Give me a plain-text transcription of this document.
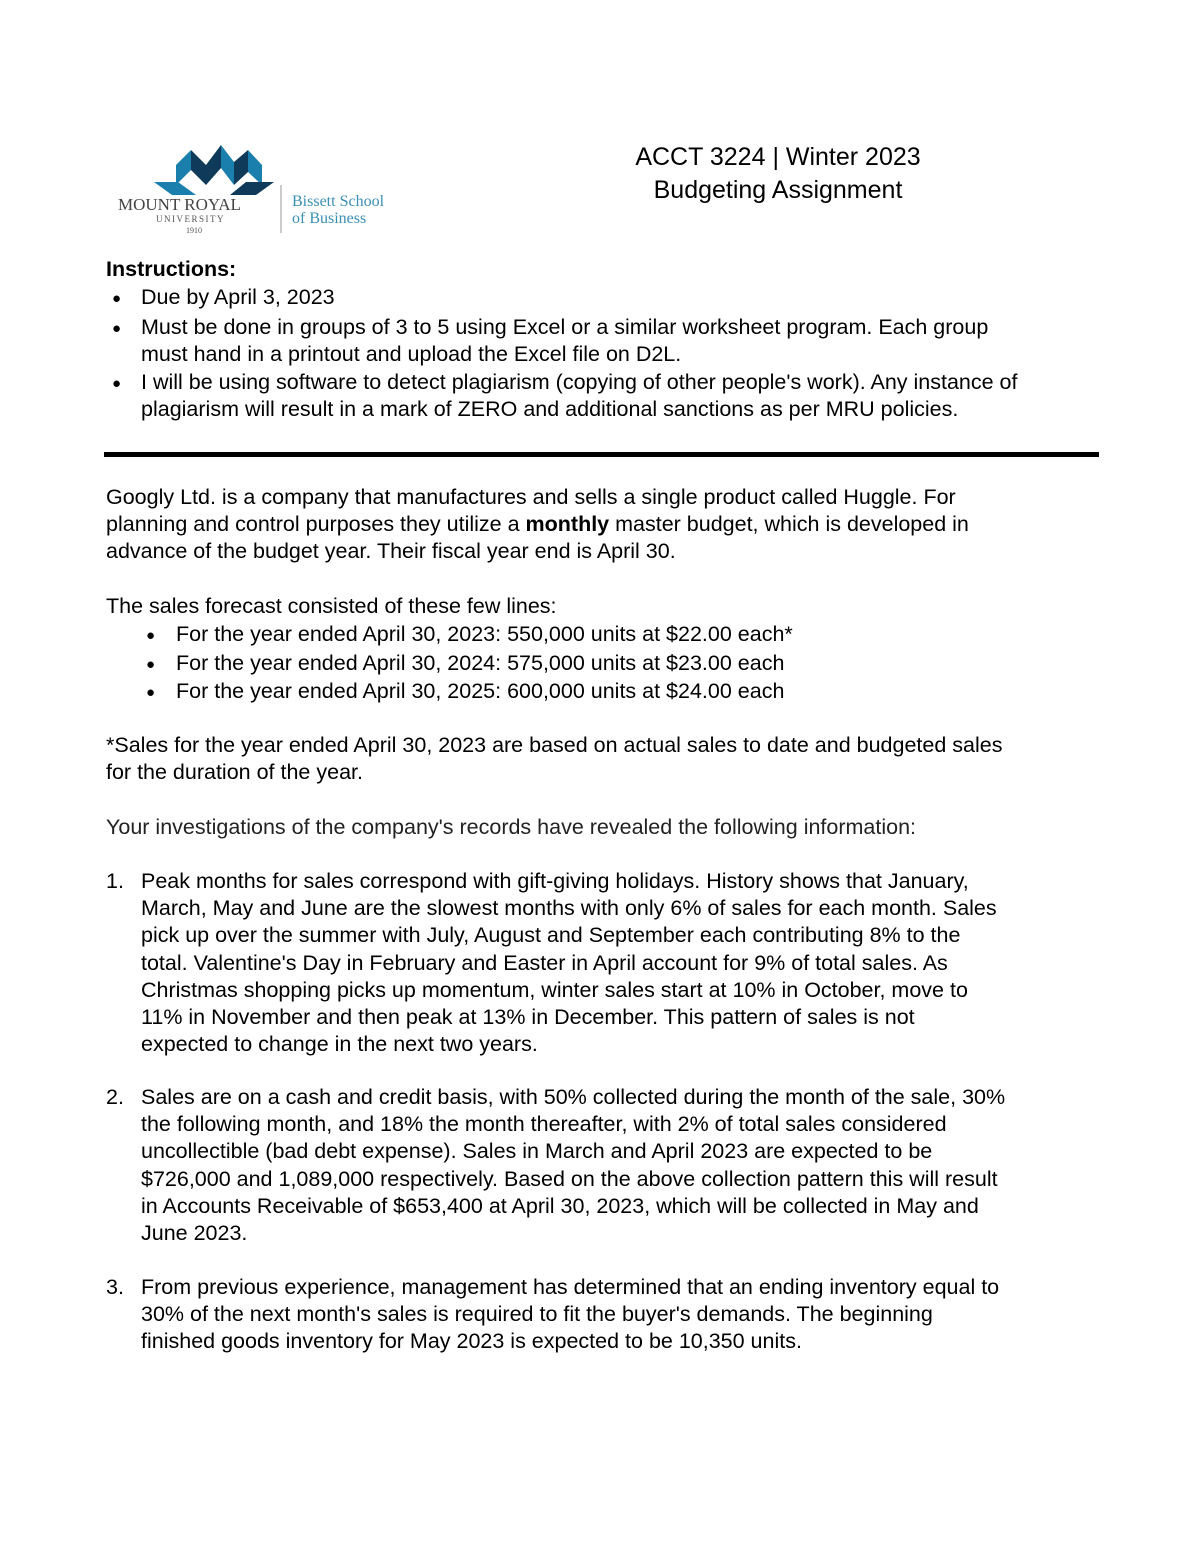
MOUNT ROYAL
UNIVERSITY
1910
Bissett School
of Business
ACCT 3224 | Winter 2023
Budgeting Assignment
Instructions:
● Due by April 3, 2023
● Must be done in groups of 3 to 5 using Excel or a similar worksheet program. Each group
must hand in a printout and upload the Excel file on D2L.
● I will be using software to detect plagiarism (copying of other people's work). Any instance of
plagiarism will result in a mark of ZERO and additional sanctions as per MRU policies.
Googly Ltd. is a company that manufactures and sells a single product called Huggle. For
planning and control purposes they utilize a monthly master budget, which is developed in
advance of the budget year. Their fiscal year end is April 30.
The sales forecast consisted of these few lines:
● For the year ended April 30, 2023: 550,000 units at $22.00 each*
● For the year ended April 30, 2024: 575,000 units at $23.00 each
● For the year ended April 30, 2025: 600,000 units at $24.00 each
*Sales for the year ended April 30, 2023 are based on actual sales to date and budgeted sales
for the duration of the year.
Your investigations of the company's records have revealed the following information:
1. Peak months for sales correspond with gift-giving holidays. History shows that January,
March, May and June are the slowest months with only 6% of sales for each month. Sales
pick up over the summer with July, August and September each contributing 8% to the
total. Valentine's Day in February and Easter in April account for 9% of total sales. As
Christmas shopping picks up momentum, winter sales start at 10% in October, move to
11% in November and then peak at 13% in December. This pattern of sales is not
expected to change in the next two years.
2. Sales are on a cash and credit basis, with 50% collected during the month of the sale, 30%
the following month, and 18% the month thereafter, with 2% of total sales considered
uncollectible (bad debt expense). Sales in March and April 2023 are expected to be
$726,000 and 1,089,000 respectively. Based on the above collection pattern this will result
in Accounts Receivable of $653,400 at April 30, 2023, which will be collected in May and
June 2023.
3. From previous experience, management has determined that an ending inventory equal to
30% of the next month's sales is required to fit the buyer's demands. The beginning
finished goods inventory for May 2023 is expected to be 10,350 units.
